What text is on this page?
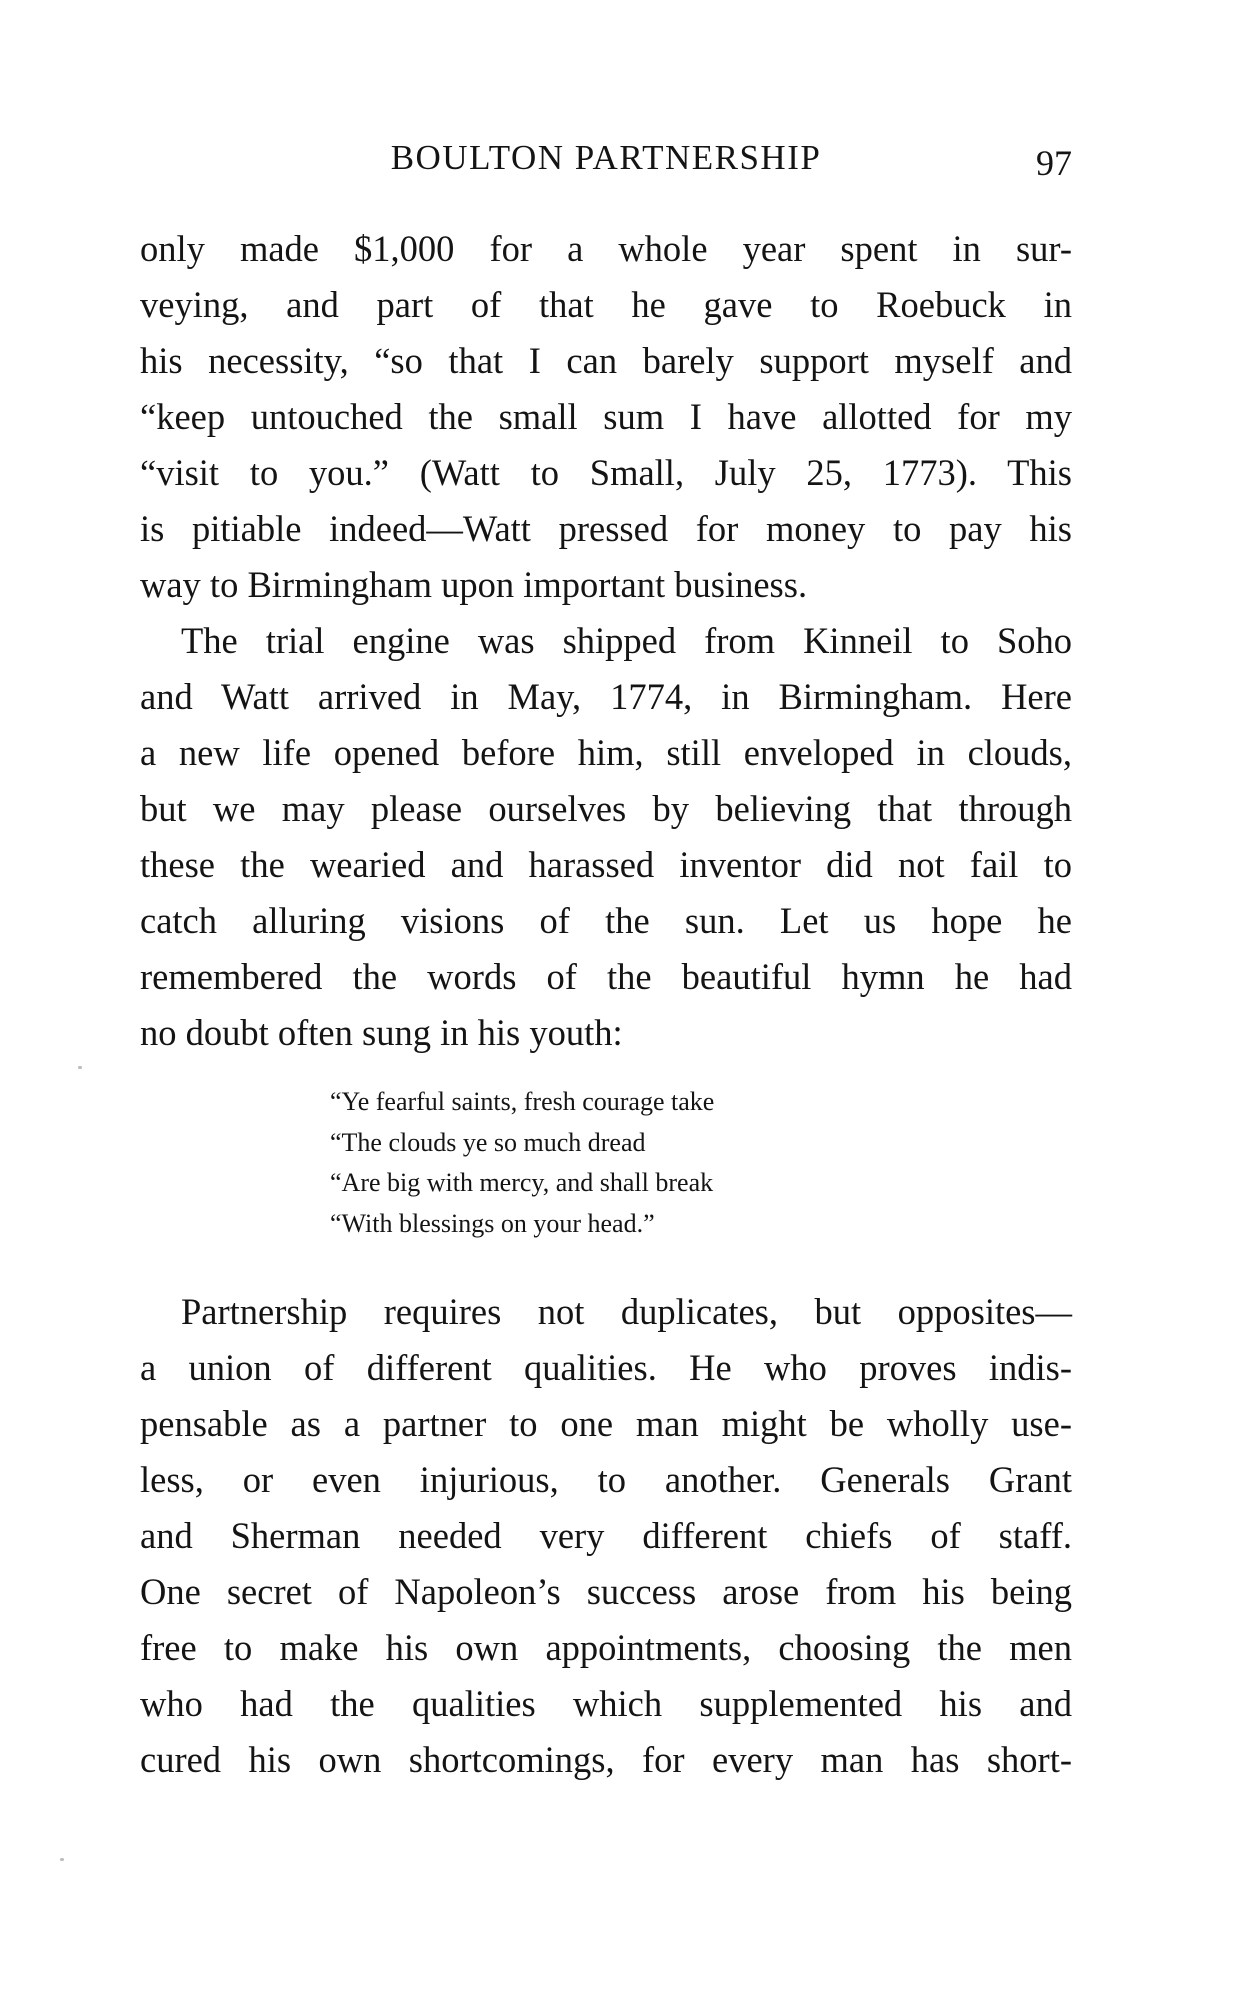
BOULTON PARTNERSHIP	97
only made $1,000 for a whole year spent in sur-
veying, and part of that he gave to Roebuck in
his necessity, “so that I can barely support myself and
“keep untouched the small sum I have allotted for my
“visit to you.” (Watt to Small, July 25, 1773). This
is pitiable indeed—Watt pressed for money to pay his
way to Birmingham upon important business.
The trial engine was shipped from Kinneil to Soho
and Watt arrived in May, 1774, in Birmingham. Here
a new life opened before him, still enveloped in clouds,
but we may please ourselves by believing that through
these the wearied and harassed inventor did not fail to
catch alluring visions of the sun. Let us hope he
remembered the words of the beautiful hymn he had
no doubt often sung in his youth:
“Ye fearful saints, fresh courage take
“The clouds ye so much dread
“Are big with mercy, and shall break
“With blessings on your head.”
Partnership requires not duplicates, but opposites—
a union of different qualities. He who proves indis-
pensable as a partner to one man might be wholly use-
less, or even injurious, to another. Generals Grant
and Sherman needed very different chiefs of staff.
One secret of Napoleon’s success arose from his being
free to make his own appointments, choosing the men
who had the qualities which supplemented his and
cured his own shortcomings, for every man has short-
